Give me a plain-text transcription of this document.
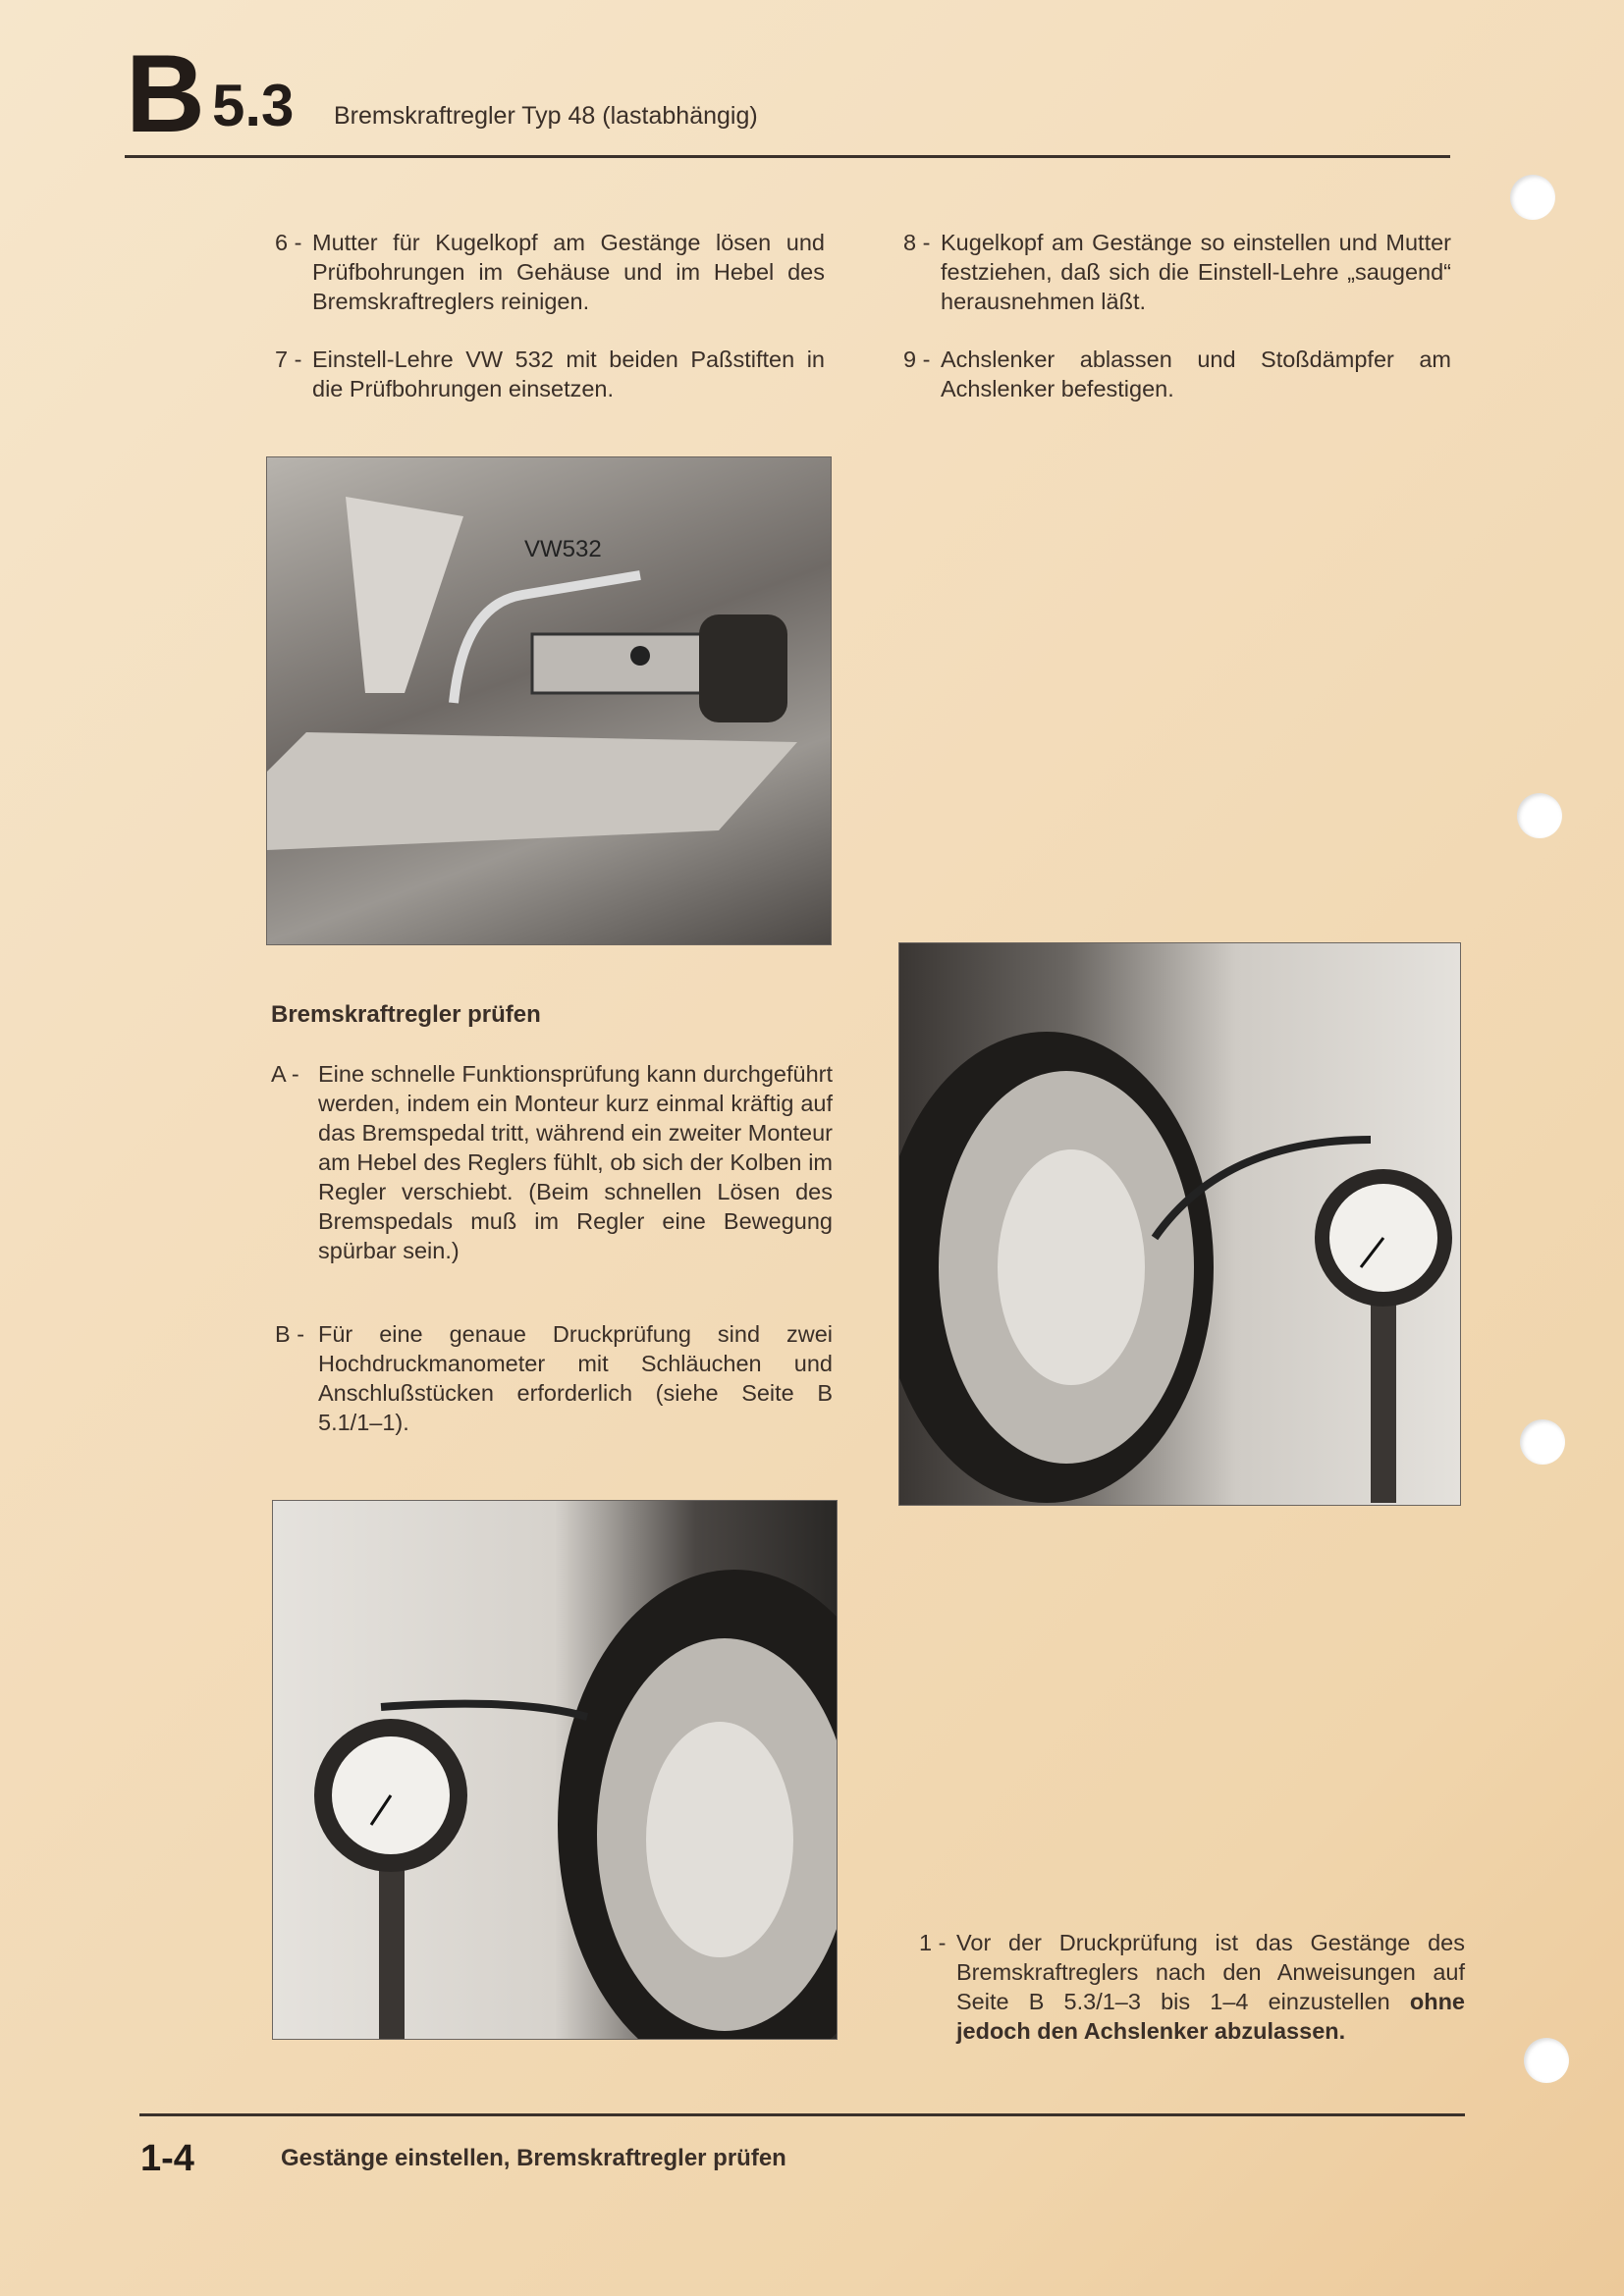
B 5.3 Bremskraftregler Typ 48 (lastabhängig)
6 - Mutter für Kugelkopf am Gestänge lösen und Prüfbohrungen im Gehäuse und im Hebel des Bremskraftreglers reinigen.
7 - Einstell-Lehre VW 532 mit beiden Paßstiften in die Prüfbohrungen einsetzen.
8 - Kugelkopf am Gestänge so einstellen und Mutter festziehen, daß sich die Einstell-Lehre „saugend“ herausnehmen läßt.
9 - Achslenker ablassen und Stoßdämpfer am Achslenker befestigen.
VW532
Bremskraftregler prüfen
A - Eine schnelle Funktionsprüfung kann durchgeführt werden, indem ein Monteur kurz einmal kräftig auf das Bremspedal tritt, während ein zweiter Monteur am Hebel des Reglers fühlt, ob sich der Kolben im Regler verschiebt. (Beim schnellen Lösen des Bremspedals muß im Regler eine Bewegung spürbar sein.)
B - Für eine genaue Druckprüfung sind zwei Hochdruckmanometer mit Schläuchen und Anschlußstücken erforderlich (siehe Seite B 5.1/1–1).
1 - Vor der Druckprüfung ist das Gestänge des Bremskraftreglers nach den Anweisungen auf Seite B 5.3/1–3 bis 1–4 einzustellen ohne jedoch den Achslenker abzulassen.
1-4	Gestänge einstellen, Bremskraftregler prüfen
